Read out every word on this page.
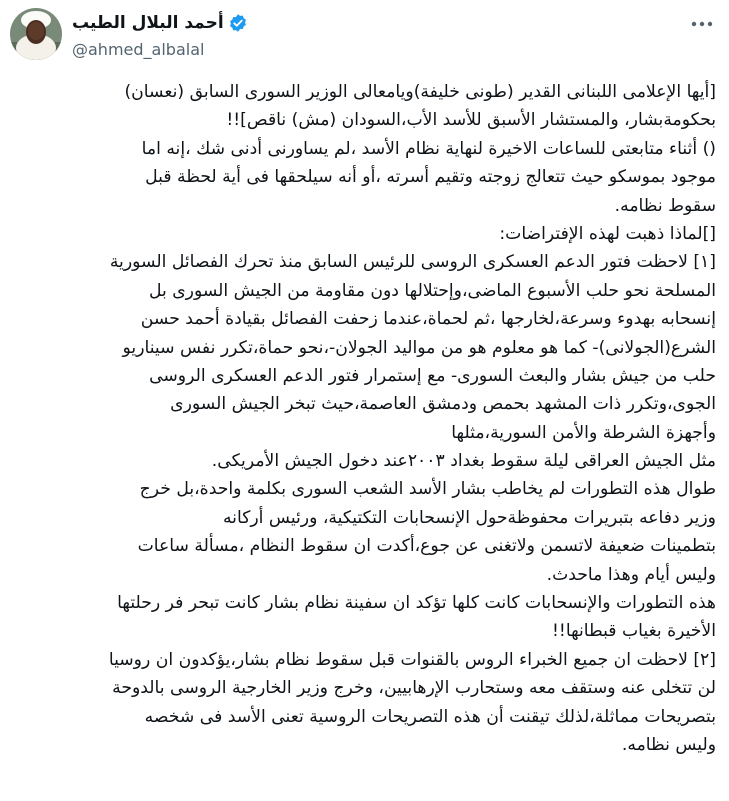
أحمد البلال الطيب
@ahmed_albalal
[أيها الإعلامى اللبنانى القدير (طونى خليفة)ويامعالى الوزير السورى السابق (نعسان)
بحكومةبشار، والمستشار الأسبق للأسد الأب،السودان (مش) ناقص]!!
() أثناء متابعتى للساعات الاخيرة لنهاية نظام الأسد ،لم يساورنى أدنى شك ،إنه اما
موجود بموسكو حيث تتعالج زوجته وتقيم أسرته ،أو أنه سيلحقها فى أية لحظة قبل
سقوط نظامه.
[]لماذا ذهبت لهذه الإفتراضات:
[١] لاحظت فتور الدعم العسكرى الروسى للرئيس السابق منذ تحرك الفصائل السورية
المسلحة نحو حلب الأسبوع الماضى،وإحتلالها دون مقاومة من الجيش السورى بل
إنسحابه بهدوء وسرعة،لخارجها ،ثم لحماة،عندما زحفت الفصائل بقيادة أحمد حسن
الشرع(الجولانى)- كما هو معلوم هو من مواليد الجولان-،نحو حماة،تكرر نفس سيناريو
حلب من جيش بشار والبعث السورى- مع إستمرار فتور الدعم العسكرى الروسى
الجوى،وتكرر ذات المشهد بحمص ودمشق العاصمة،حيث تبخر الجيش السورى
وأجهزة الشرطة والأمن السورية،مثلها
مثل الجيش العراقى ليلة سقوط بغداد ٢٠٠٣عند دخول الجيش الأمريكى.
طوال هذه التطورات لم يخاطب بشار الأسد الشعب السورى بكلمة واحدة،بل خرج
وزير دفاعه بتبريرات محفوظةحول الإنسحابات التكتيكية، ورئيس أركانه
بتطمينات ضعيفة لاتسمن ولاتغنى عن جوع،أكدت ان سقوط النظام ،مسألة ساعات
وليس أيام وهذا ماحدث.
هذه التطورات والإنسحابات كانت كلها تؤكد ان سفينة نظام بشار كانت تبحر فر رحلتها
الأخيرة بغياب قبطانها!!
[٢] لاحظت ان جميع الخبراء الروس بالقنوات قبل سقوط نظام بشار،يؤكدون ان روسيا
لن تتخلى عنه وستقف معه وستحارب الإرهابيين، وخرج وزير الخارجية الروسى بالدوحة
بتصريحات مماثلة،لذلك تيقنت أن هذه التصريحات الروسية تعنى الأسد فى شخصه
وليس نظامه.
